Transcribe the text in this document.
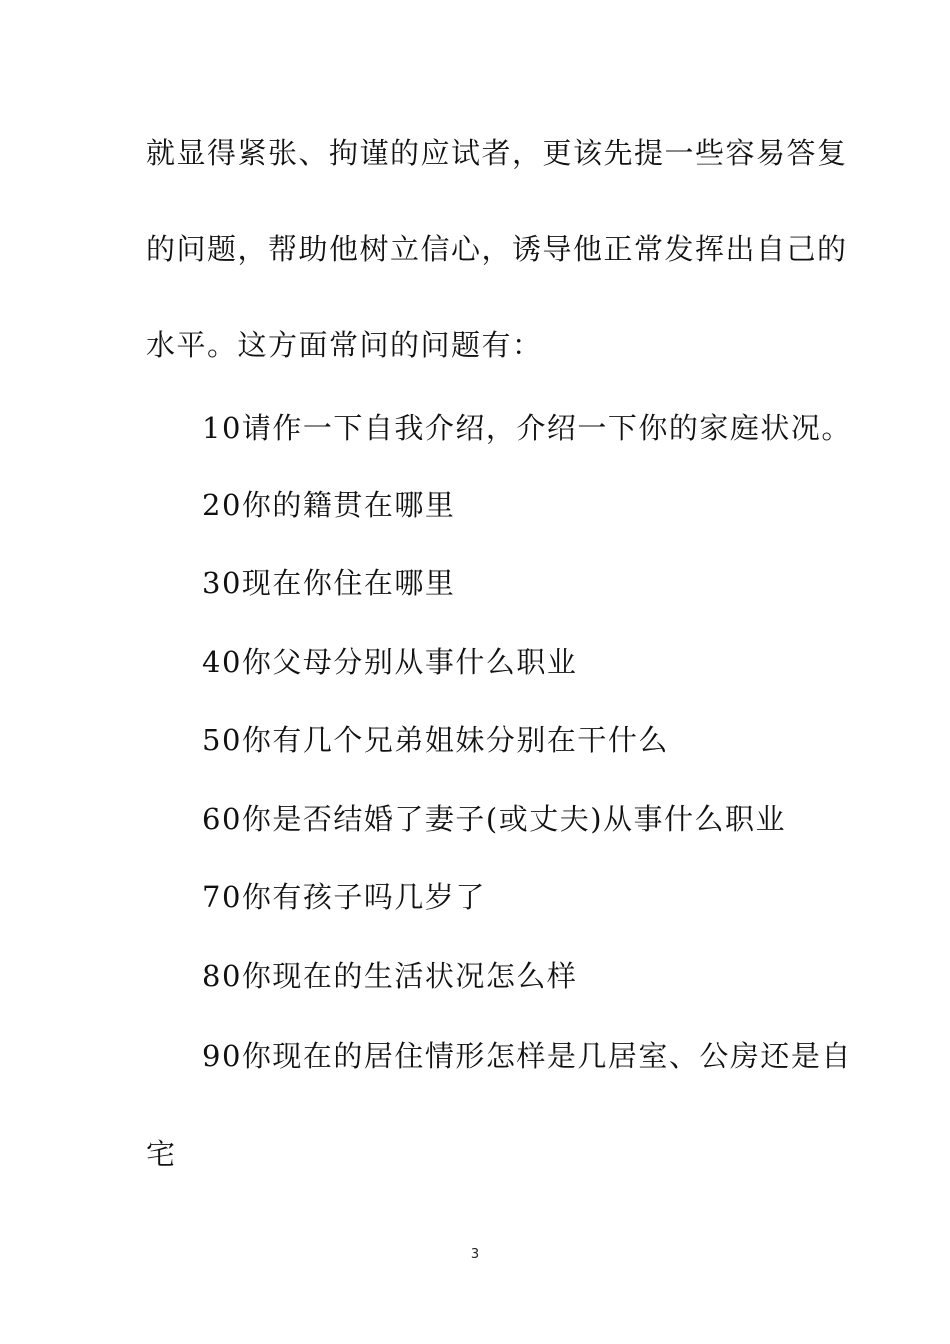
就显得紧张、拘谨的应试者，更该先提一些容易答复
的问题，帮助他树立信心，诱导他正常发挥出自己的
水平。这方面常问的问题有：
10请作一下自我介绍，介绍一下你的家庭状况。
20你的籍贯在哪里
30现在你住在哪里
40你父母分别从事什么职业
50你有几个兄弟姐妹分别在干什么
60你是否结婚了妻子(或丈夫)从事什么职业
70你有孩子吗几岁了
80你现在的生活状况怎么样
90你现在的居住情形怎样是几居室、公房还是自
宅
3
